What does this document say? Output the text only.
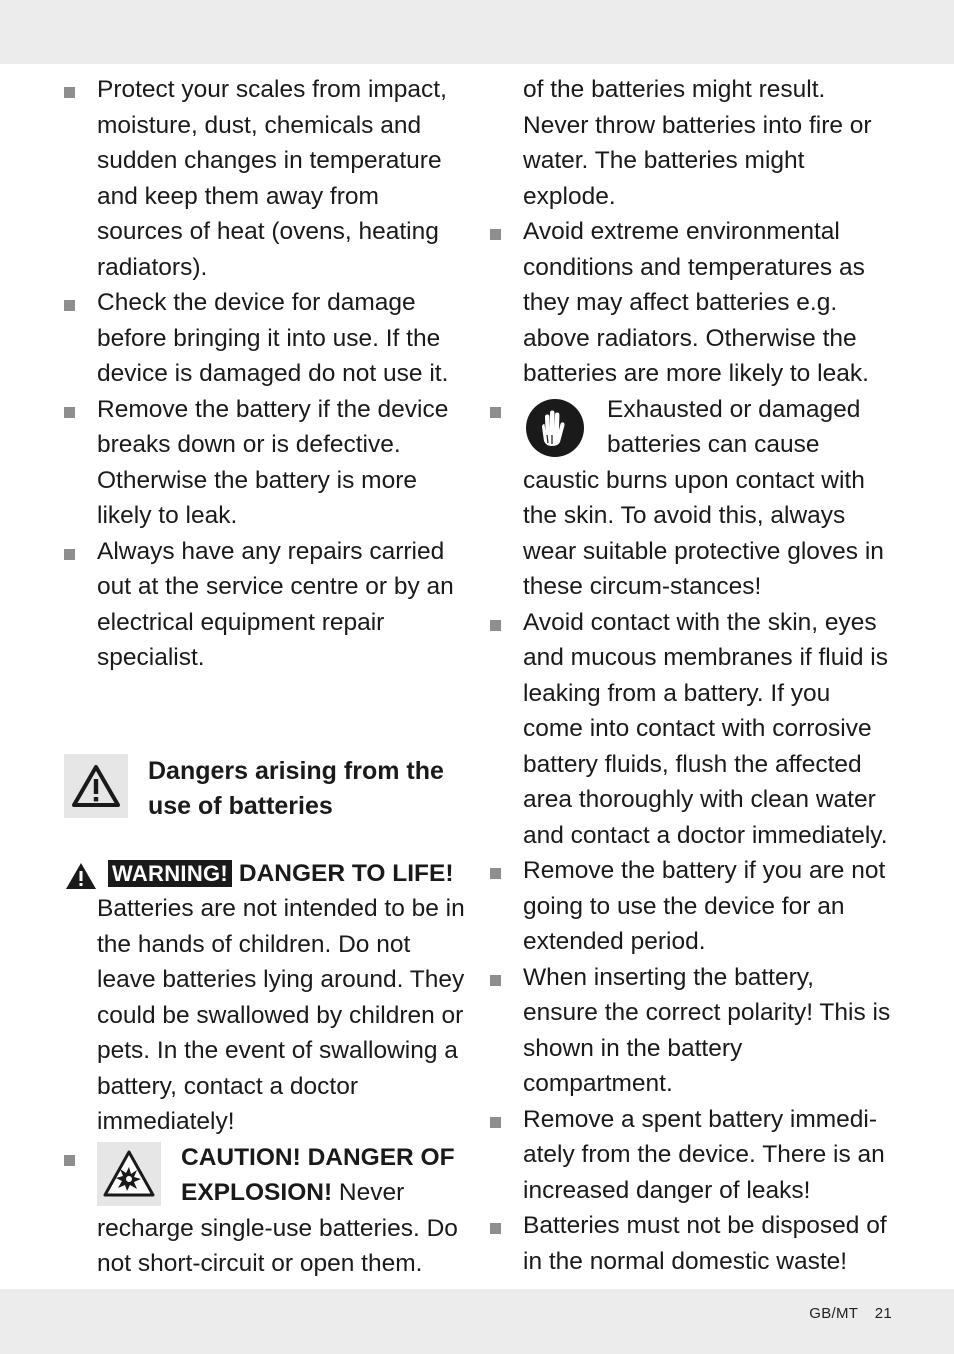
Protect your scales from impact, moisture, dust, chemicals and sudden changes in temperature and keep them away from sources of heat (ovens, heating radiators).

Check the device for damage before bringing it into use. If the device is damaged do not use it.

Remove the battery if the device breaks down or is defective. Otherwise the battery is more likely to leak.

Always have any repairs carried out at the service centre or by an electrical equipment repair specialist.

Dangers arising from the use of batteries
WARNING! DANGER TO LIFE! Batteries are not intended to be in the hands of children. Do not leave batteries lying around. They could be swallowed by children or pets. In the event of swallowing a battery, contact a doctor immediately!
CAUTION! DANGER OF EXPLOSION! Never recharge single-use batteries. Do not short-circuit or open them.

of the batteries might result. Never throw batteries into fire or water. The batteries might explode.

Avoid extreme environmental conditions and temperatures as they may affect batteries e.g. above radiators. Otherwise the batteries are more likely to leak.

Exhausted or damaged batteries can cause caustic burns upon contact with the skin. To avoid this, always wear suitable protective gloves in these circum-stances!

Avoid contact with the skin, eyes and mucous membranes if fluid is leaking from a battery. If you come into contact with corrosive battery fluids, flush the affected area thoroughly with clean water and contact a doctor immediately.

Remove the battery if you are not going to use the device for an extended period.

When inserting the battery, ensure the correct polarity! This is shown in the battery compartment.

Remove a spent battery immedi-ately from the device. There is an increased danger of leaks!

Batteries must not be disposed of in the normal domestic waste!

GB/MT 21
